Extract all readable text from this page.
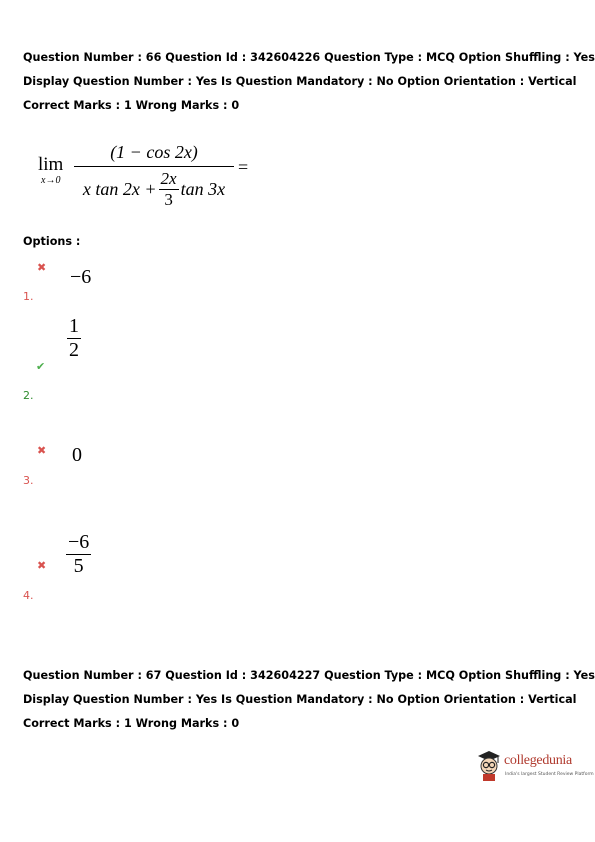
Question Number : 66 Question Id : 342604226 Question Type : MCQ Option Shuffling : Yes
Display Question Number : Yes Is Question Mandatory : No Option Orientation : Vertical
Correct Marks : 1 Wrong Marks : 0
lim
x→0
(1 − cos 2x)
x $\tan 2x + \frac{2x}{3}$ tan 3x
=
Options :
✖ −6
1.
1
2
✔
2.
✖ 0
3.
−6
5
✖
4.
Question Number : 67 Question Id : 342604227 Question Type : MCQ Option Shuffling : Yes
Display Question Number : Yes Is Question Mandatory : No Option Orientation : Vertical
Correct Marks : 1 Wrong Marks : 0
collegedunia
India's largest Student Review Platform
